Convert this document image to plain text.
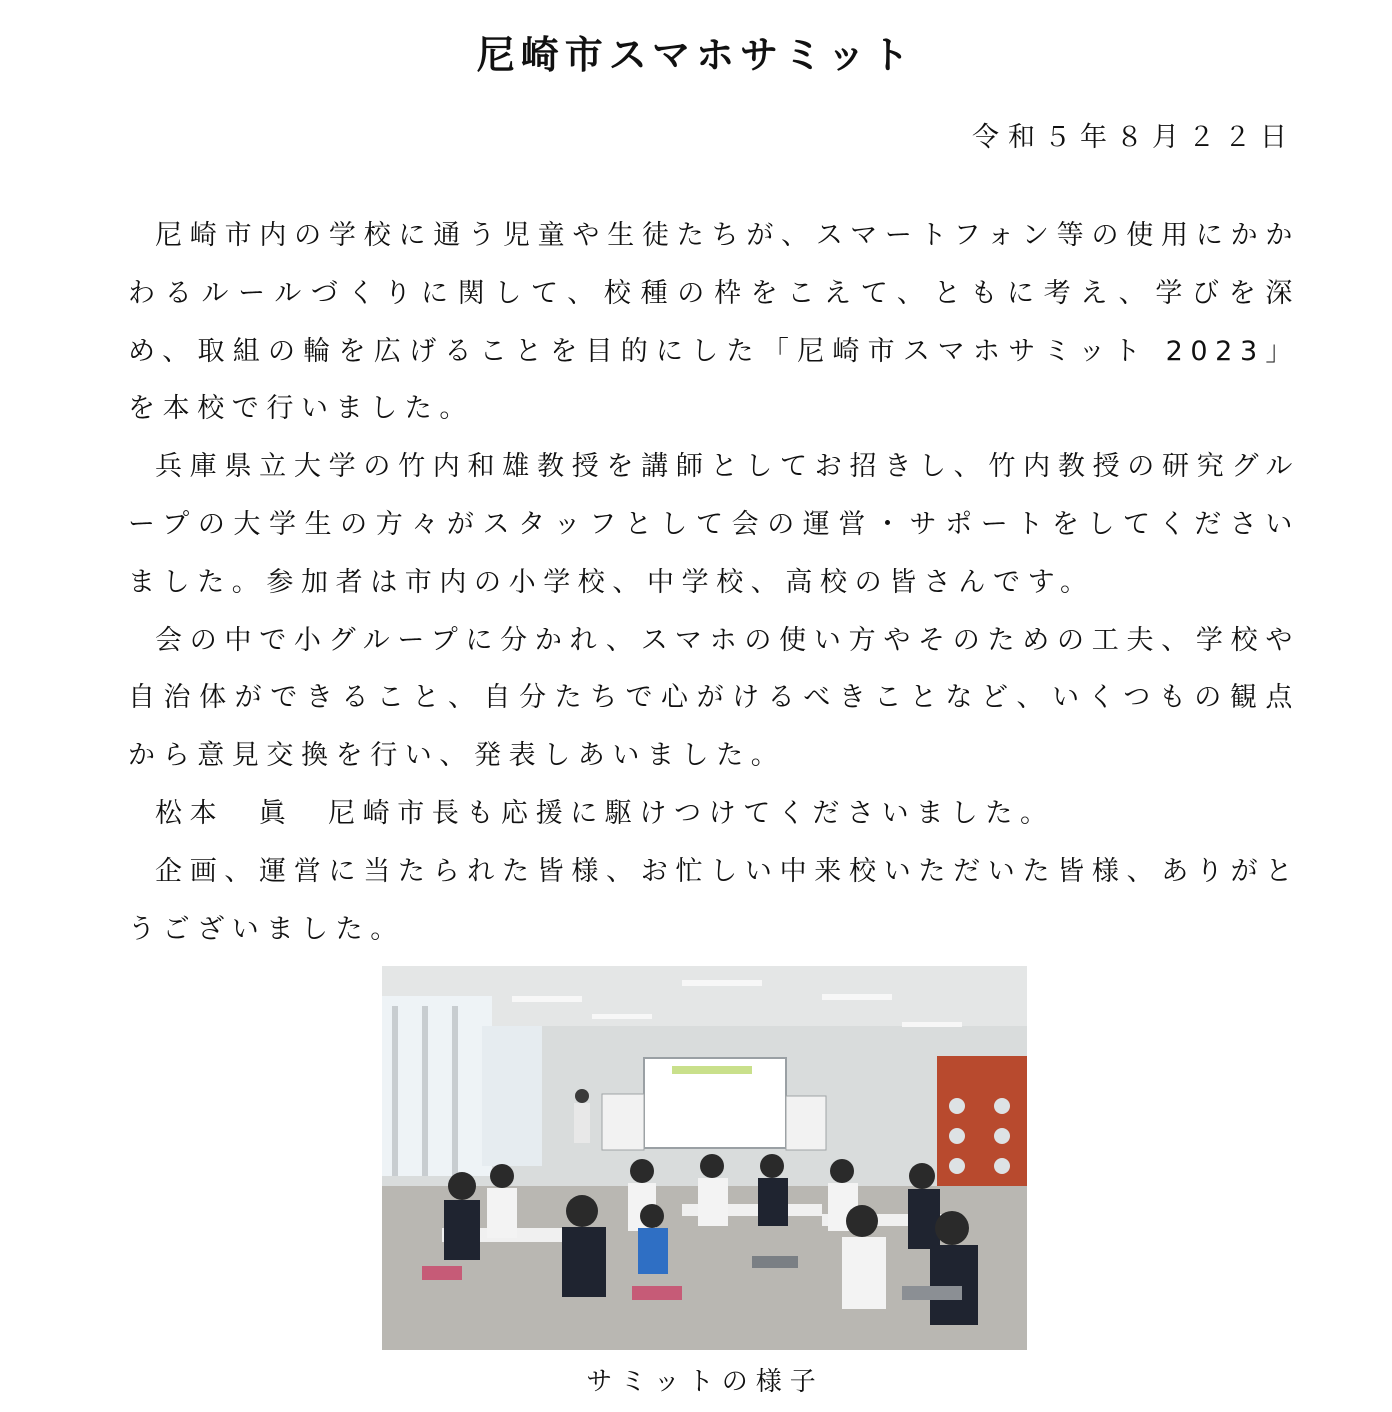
尼崎市スマホサミット
令和５年８月２２日

尼崎市内の学校に通う児童や生徒たちが、スマートフォン等の使用にかかわるルールづくりに関して、校種の枠をこえて、ともに考え、学びを深め、取組の輪を広げることを目的にした「尼崎市スマホサミット 2023」を本校で行いました。

兵庫県立大学の竹内和雄教授を講師としてお招きし、竹内教授の研究グループの大学生の方々がスタッフとして会の運営・サポートをしてくださいました。参加者は市内の小学校、中学校、高校の皆さんです。

会の中で小グループに分かれ、スマホの使い方やそのための工夫、学校や自治体ができること、自分たちで心がけるべきことなど、いくつもの観点から意見交換を行い、発表しあいました。

松本　眞　尼崎市長も応援に駆けつけてくださいました。

企画、運営に当たられた皆様、お忙しい中来校いただいた皆様、ありがとうございました。

サミットの様子
